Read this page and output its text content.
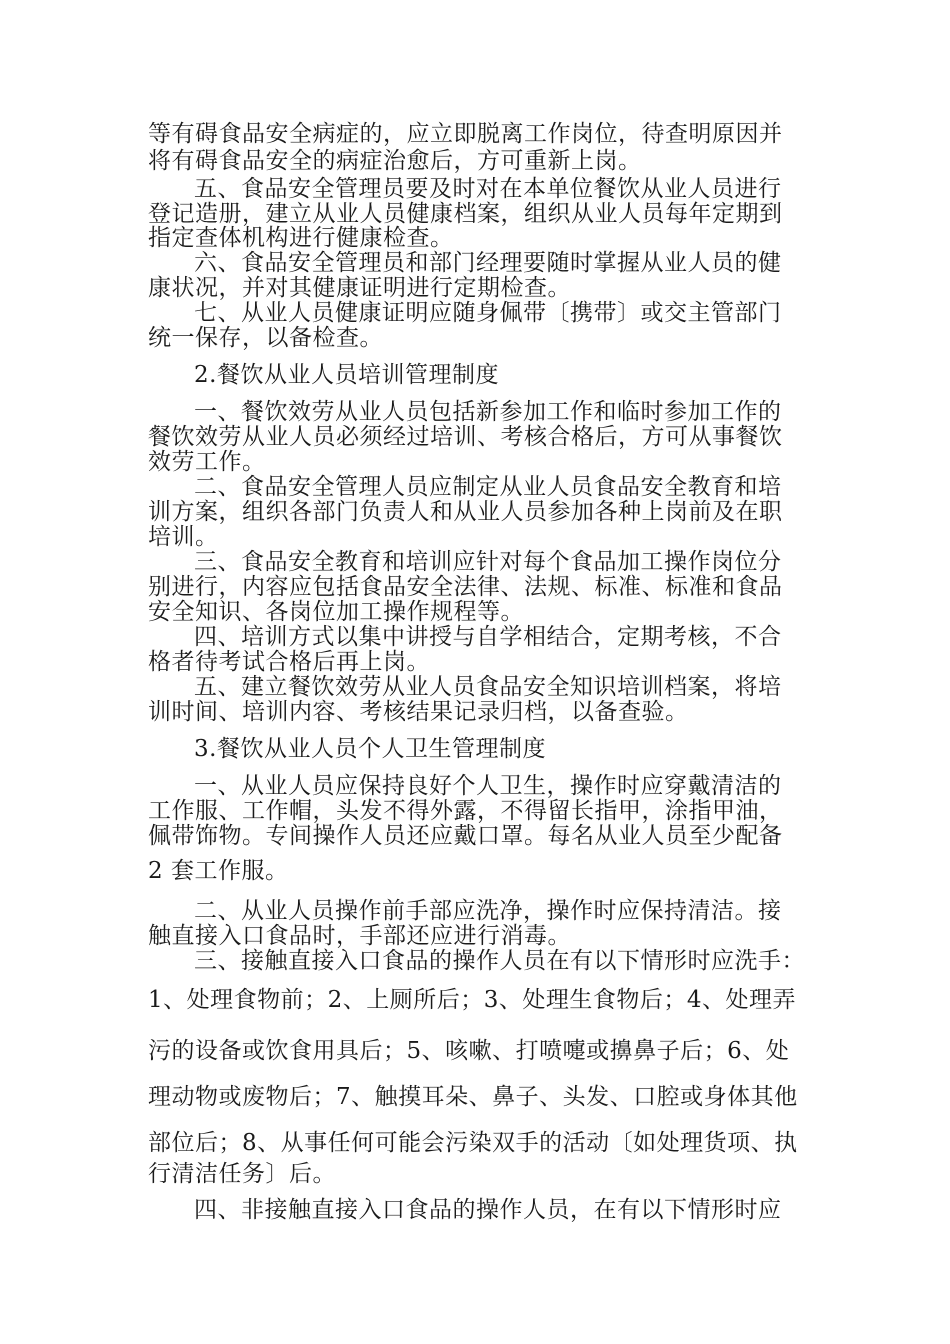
等有碍食品安全病症的，应立即脱离工作岗位，待查明原因并
将有碍食品安全的病症治愈后，方可重新上岗。
五、食品安全管理员要及时对在本单位餐饮从业人员进行
登记造册，建立从业人员健康档案，组织从业人员每年定期到
指定查体机构进行健康检查。
六、食品安全管理员和部门经理要随时掌握从业人员的健
康状况，并对其健康证明进行定期检查。
七、从业人员健康证明应随身佩带〔携带〕或交主管部门
统一保存，以备检查。
2.餐饮从业人员培训管理制度
一、餐饮效劳从业人员包括新参加工作和临时参加工作的
餐饮效劳从业人员必须经过培训、考核合格后，方可从事餐饮
效劳工作。
二、食品安全管理人员应制定从业人员食品安全教育和培
训方案，组织各部门负责人和从业人员参加各种上岗前及在职
培训。
三、食品安全教育和培训应针对每个食品加工操作岗位分
别进行，内容应包括食品安全法律、法规、标准、标准和食品
安全知识、各岗位加工操作规程等。
四、培训方式以集中讲授与自学相结合，定期考核，不合
格者待考试合格后再上岗。
五、建立餐饮效劳从业人员食品安全知识培训档案，将培
训时间、培训内容、考核结果记录归档，以备查验。
3.餐饮从业人员个人卫生管理制度
一、从业人员应保持良好个人卫生，操作时应穿戴清洁的
工作服、工作帽，头发不得外露，不得留长指甲，涂指甲油，
佩带饰物。专间操作人员还应戴口罩。每名从业人员至少配备
2 套工作服。
二、从业人员操作前手部应洗净，操作时应保持清洁。接
触直接入口食品时，手部还应进行消毒。
三、接触直接入口食品的操作人员在有以下情形时应洗手：
1、处理食物前；2、上厕所后；3、处理生食物后；4、处理弄
污的设备或饮食用具后；5、咳嗽、打喷嚏或擤鼻子后；6、处
理动物或废物后；7、触摸耳朵、鼻子、头发、口腔或身体其他
部位后；8、从事任何可能会污染双手的活动〔如处理货项、执
行清洁任务〕后。
四、非接触直接入口食品的操作人员，在有以下情形时应
